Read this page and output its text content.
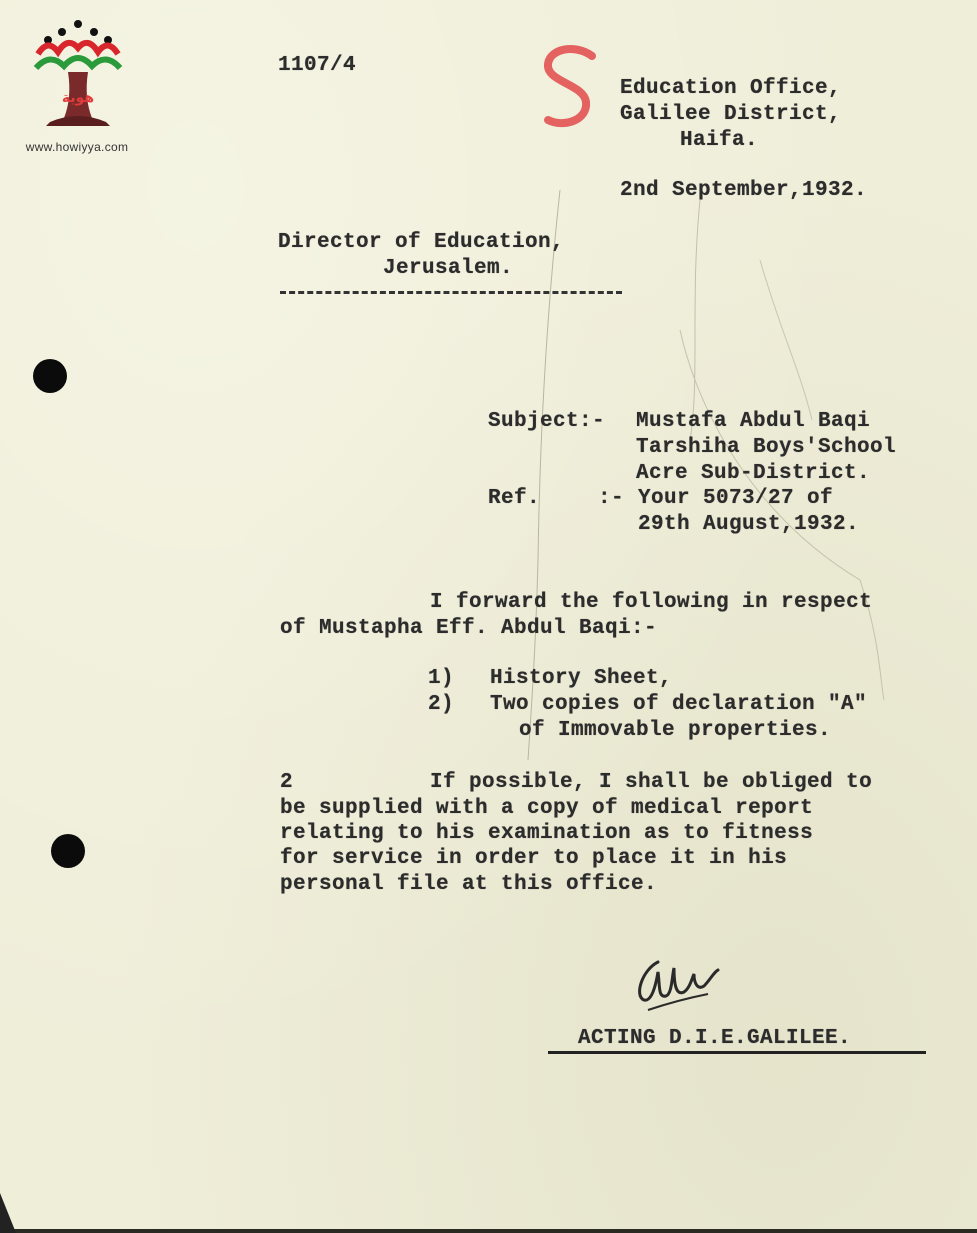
هوية
www.howiyya.com
1107/4
Education Office,
Galilee District,
Haifa.
2nd September,1932.
Director of Education,
Jerusalem.
Subject:- Mustafa Abdul Baqi
Tarshiha Boys'School
Acre Sub-District.
Ref.	:- Your 5073/27 of
29th August,1932.
I forward the following in respect
of Mustapha Eff. Abdul Baqi:-
1) History Sheet,
2) Two copies of declaration "A"
of Immovable properties.
2	If possible, I shall be obliged to
be supplied with a copy of medical report
relating to his examination as to fitness
for service in order to place it in his
personal file at this office.
ACTING D.I.E.GALILEE.
